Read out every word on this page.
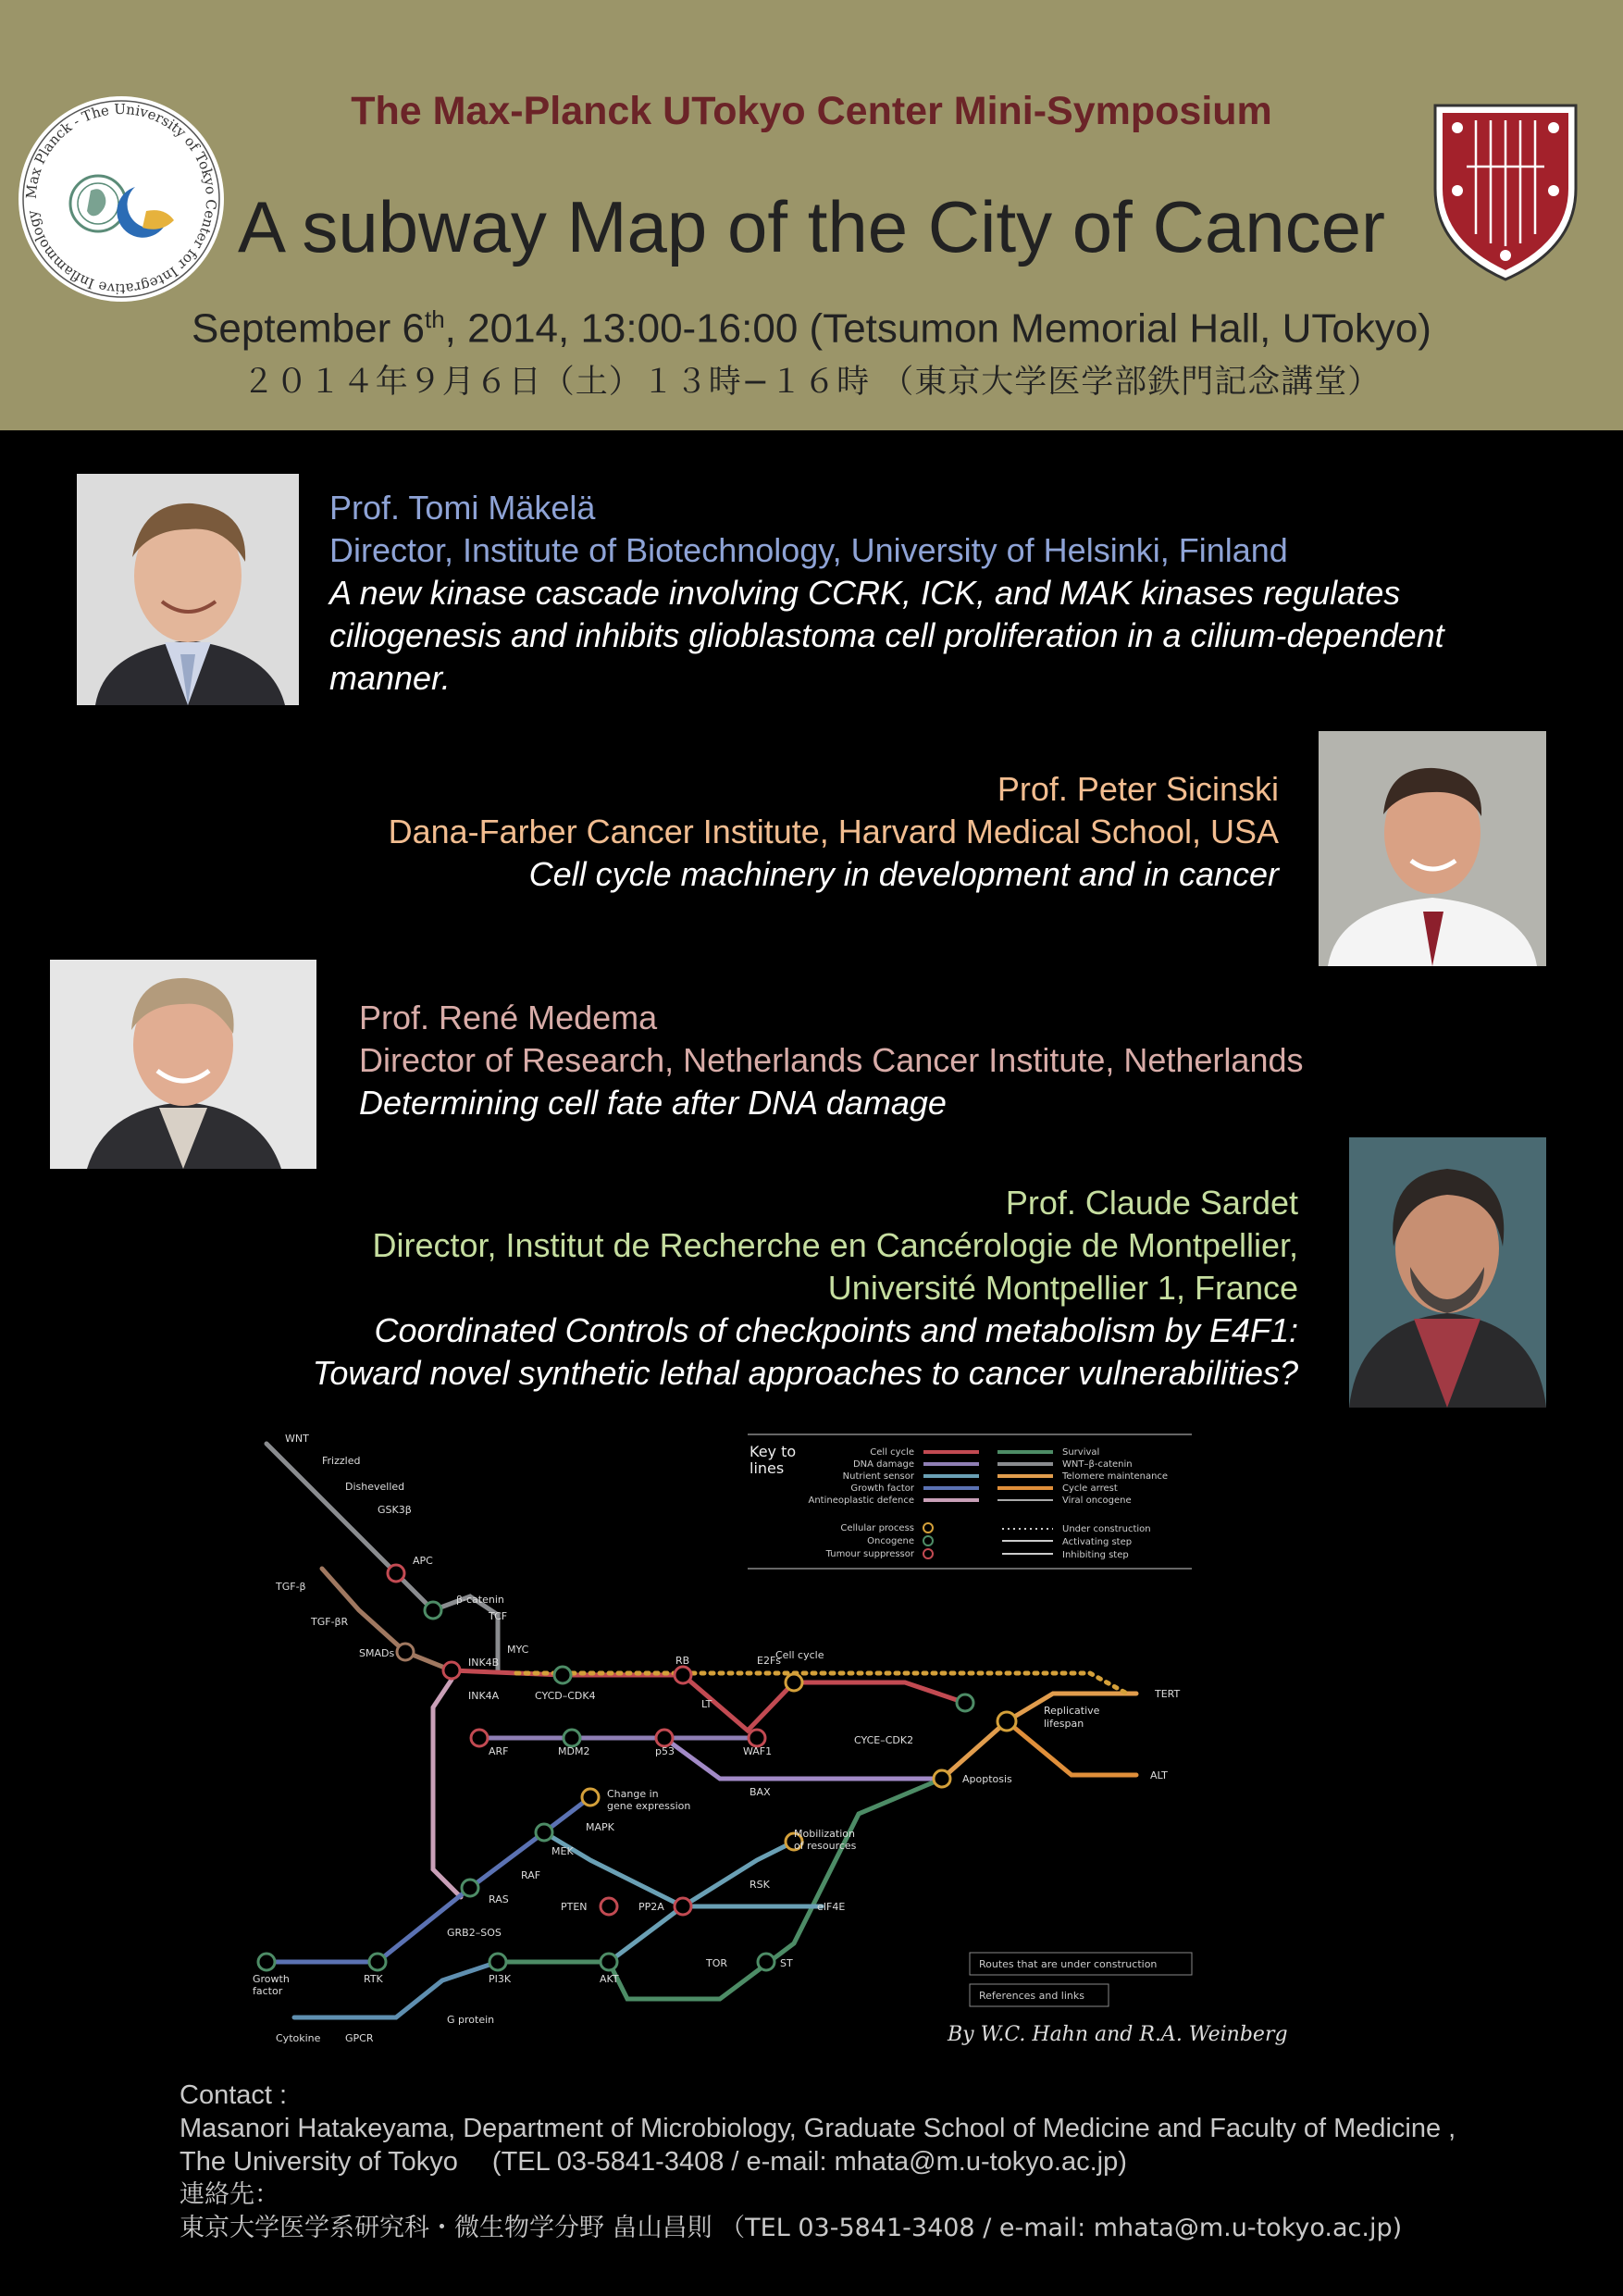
Max Planck - The University of Tokyo Center for Integrative Inflammology
The Max-Planck UTokyo Center Mini-Symposium
A subway Map of the City of Cancer
September 6th, 2014, 13:00-16:00 (Tetsumon Memorial Hall, UTokyo)
２０１４年９月６日（土）１３時−１６時 （東京大学医学部鉄門記念講堂）
Prof. Tomi Mäkelä
Director, Institute of Biotechnology, University of Helsinki, Finland
A new kinase cascade involving CCRK, ICK, and MAK kinases regulates
ciliogenesis and inhibits glioblastoma cell proliferation in a cilium-dependent
manner.
Prof. Peter Sicinski
Dana-Farber Cancer Institute, Harvard Medical School, USA
Cell cycle machinery in development and in cancer
Prof. René Medema
Director of Research, Netherlands Cancer Institute, Netherlands
Determining cell fate after DNA damage
Prof. Claude Sardet
Director, Institut de Recherche en Cancérologie de Montpellier,
Université Montpellier 1, France
Coordinated Controls of checkpoints and metabolism by E4F1:
Toward novel synthetic lethal approaches to cancer vulnerabilities?
WNT
Frizzled
Dishevelled
GSK3β
APC
β-catenin
TCF
MYC
TGF-β
TGF-βR
SMADs
INK4B
INK4A	CYCD–CDK4
RB	E2Fs
Cell cycle
TERT
Replicative
lifespan
ALT
LT
ARF	MDM2	p53	WAF1
CYCE–CDK2
BAX
Apoptosis
Change in
gene expression
MAPK
MEK
RAF
RAS
Mobilization
of resources
RSK
PTEN	PP2A	eIF4E
GRB2–SOS
Growth
factor
RTK	PI3K	AKT
TOR	ST
Cytokine GPCR
G protein
Key to
lines
Cell cycle
DNA damage
Nutrient sensor
Growth factor
Antineoplastic defence
Cellular process
Oncogene
Tumour suppressor
Survival
WNT–β-catenin
Telomere maintenance
Cycle arrest
Viral oncogene
Under construction
Activating step
Inhibiting step
Routes that are under construction
References and links
By W.C. Hahn and R.A. Weinberg
Contact :
Masanori Hatakeyama, Department of Microbiology, Graduate School of Medicine and Faculty of Medicine ,
The University of Tokyo　 (TEL 03-5841-3408 / e-mail: mhata@m.u-tokyo.ac.jp)
連絡先：
東京大学医学系研究科・微生物学分野 畠山昌則 （TEL 03-5841-3408 / e-mail: mhata@m.u-tokyo.ac.jp)
